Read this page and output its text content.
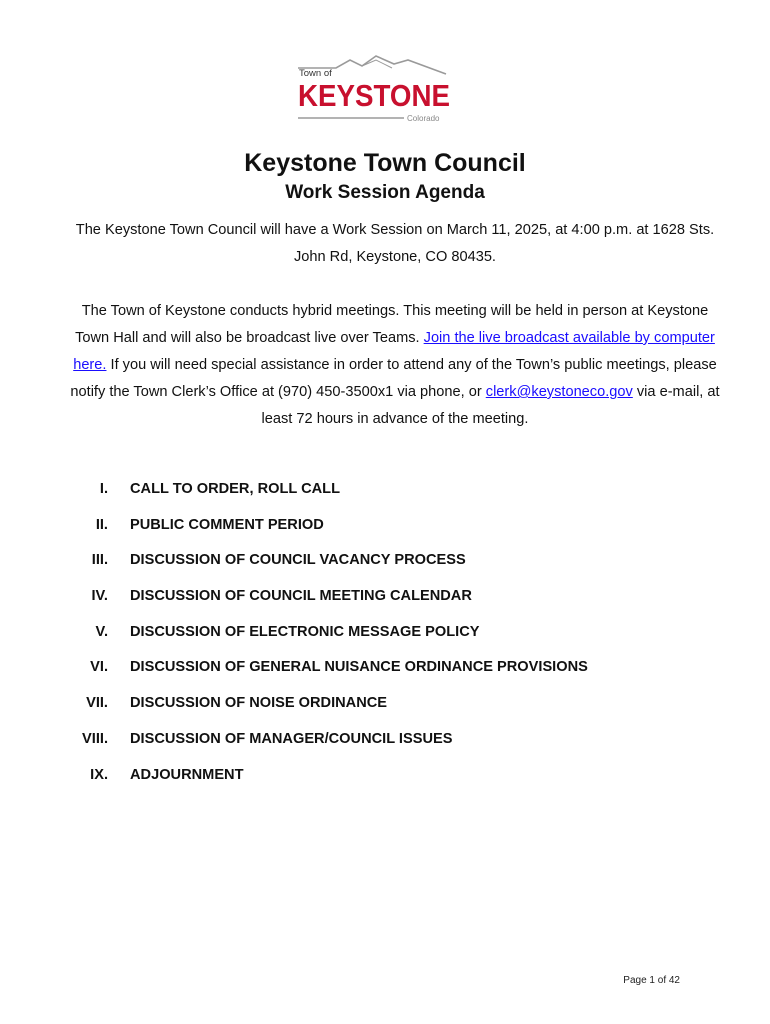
Town of
KEYSTONE
Colorado
Keystone Town Council
Work Session Agenda

The Keystone Town Council will have a Work Session on March 11, 2025, at 4:00 p.m. at 1628 Sts. John Rd, Keystone, CO 80435.

The Town of Keystone conducts hybrid meetings. This meeting will be held in person at Keystone Town Hall and will also be broadcast live over Teams. Join the live broadcast available by computer here. If you will need special assistance in order to attend any of the Town’s public meetings, please notify the Town Clerk’s Office at (970) 450-3500x1 via phone, or clerk@keystoneco.gov via e-mail, at least 72 hours in advance of the meeting.

I. CALL TO ORDER, ROLL CALL
II. PUBLIC COMMENT PERIOD
III. DISCUSSION OF COUNCIL VACANCY PROCESS
IV. DISCUSSION OF COUNCIL MEETING CALENDAR
V. DISCUSSION OF ELECTRONIC MESSAGE POLICY
VI. DISCUSSION OF GENERAL NUISANCE ORDINANCE PROVISIONS
VII. DISCUSSION OF NOISE ORDINANCE
VIII. DISCUSSION OF MANAGER/COUNCIL ISSUES
IX. ADJOURNMENT
Page 1 of 42
